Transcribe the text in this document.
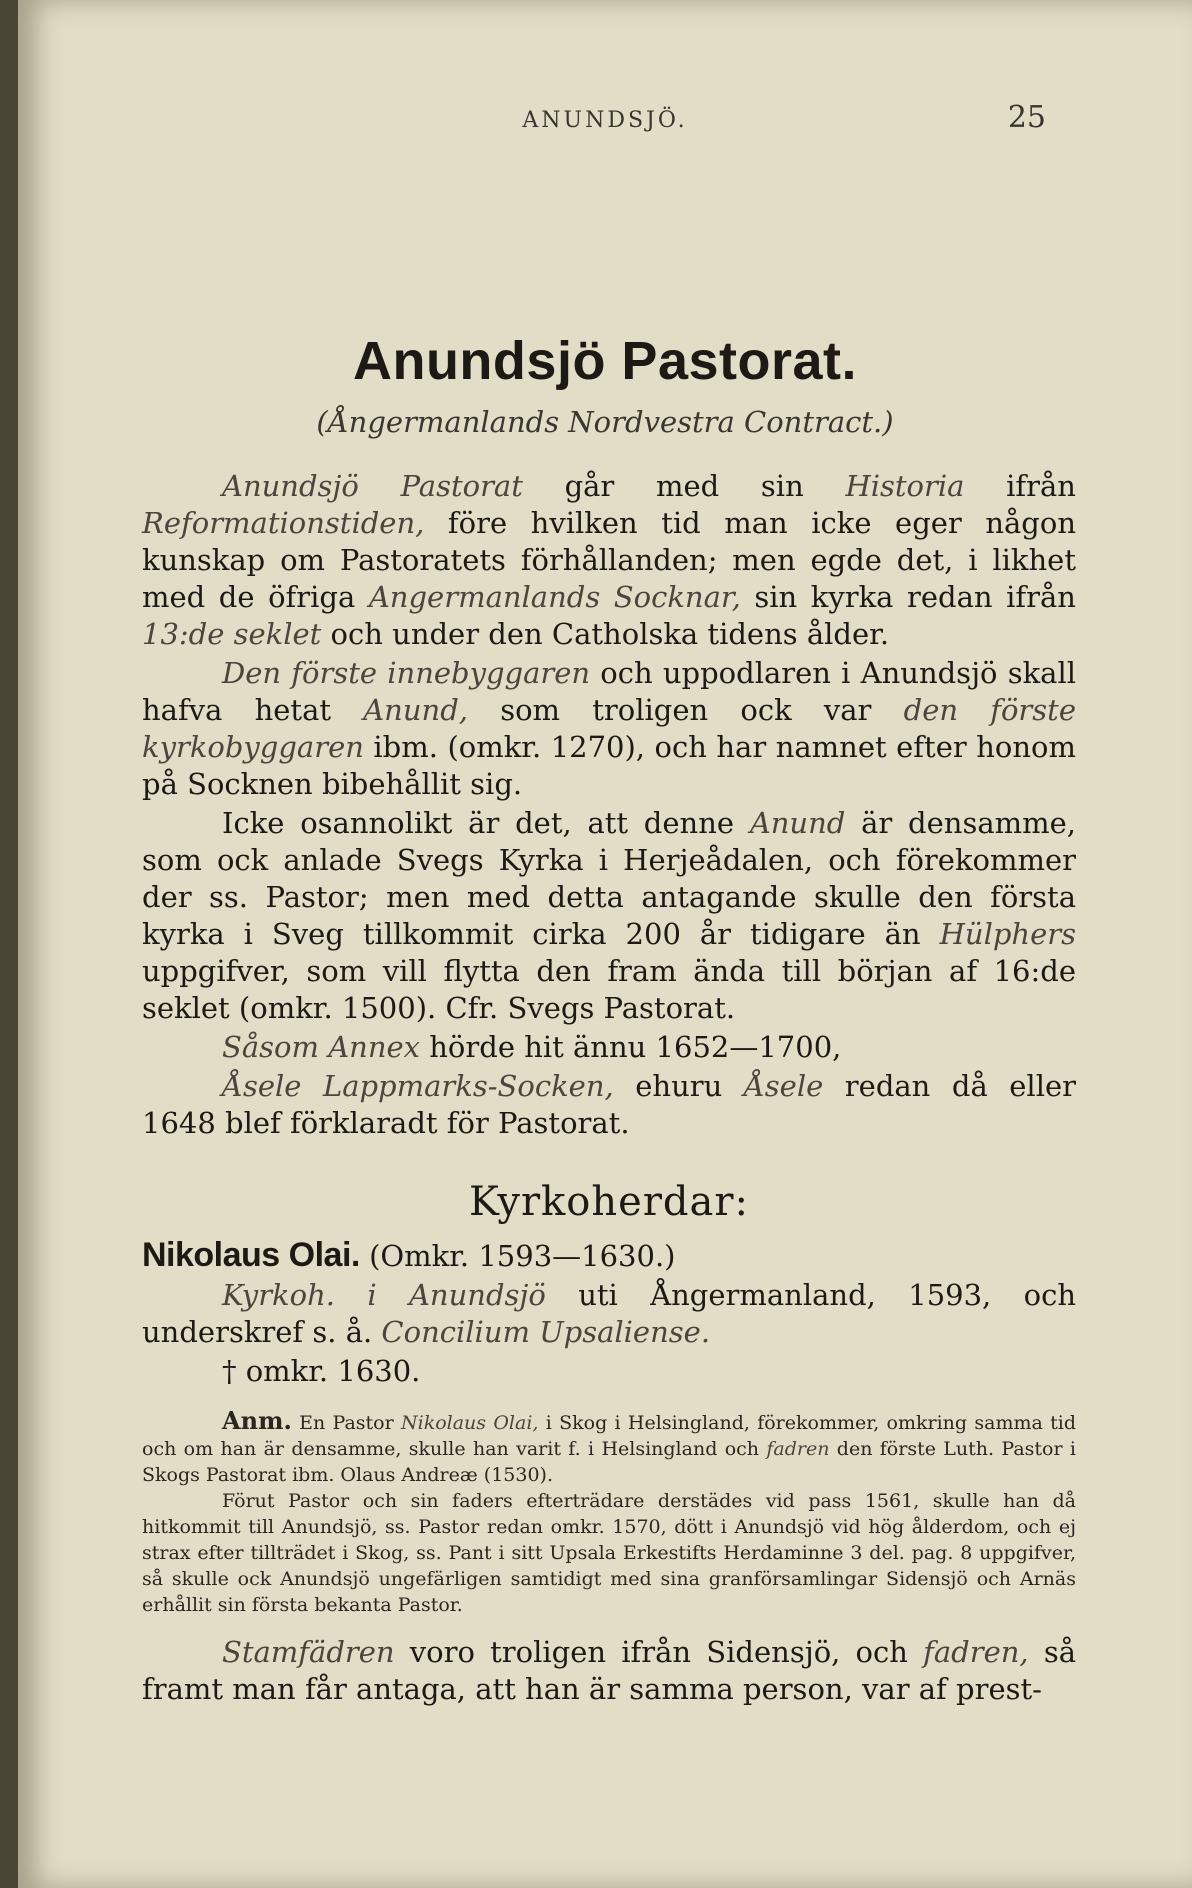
ANUNDSJÖ.	25
Anundsjö Pastorat.
(Ångermanlands Nordvestra Contract.)

Anundsjö Pastorat går med sin Historia ifrån Reformationstiden, före hvilken tid man icke eger någon kunskap om Pastoratets förhållanden; men egde det, i likhet med de öfriga Angermanlands Socknar, sin kyrka redan ifrån 13:de seklet och under den Catholska tidens ålder.

Den förste innebyggaren och uppodlaren i Anundsjö skall hafva hetat Anund, som troligen ock var den förste kyrkobyggaren ibm. (omkr. 1270), och har namnet efter honom på Socknen bibehållit sig.

Icke osannolikt är det, att denne Anund är densamme, som ock anlade Svegs Kyrka i Herjeådalen, och förekommer der ss. Pastor; men med detta antagande skulle den första kyrka i Sveg tillkommit cirka 200 år tidigare än Hülphers uppgifver, som vill flytta den fram ända till början af 16:de seklet (omkr. 1500). Cfr. Svegs Pastorat.

Såsom Annex hörde hit ännu 1652—1700,

Åsele Lappmarks-Socken, ehuru Åsele redan då eller 1648 blef förklaradt för Pastorat.

Kyrkoherdar:

Nikolaus Olai. (Omkr. 1593—1630.)

Kyrkoh. i Anundsjö uti Ångermanland, 1593, och underskref s. å. Concilium Upsaliense.

† omkr. 1630.

Anm. En Pastor Nikolaus Olai, i Skog i Helsingland, förekommer, omkring samma tid och om han är densamme, skulle han varit f. i Helsingland och fadren den förste Luth. Pastor i Skogs Pastorat ibm. Olaus Andreæ (1530).

Förut Pastor och sin faders efterträdare derstädes vid pass 1561, skulle han då hitkommit till Anundsjö, ss. Pastor redan omkr. 1570, dött i Anundsjö vid hög ålderdom, och ej strax efter tillträdet i Skog, ss. Pant i sitt Upsala Erkestifts Herdaminne 3 del. pag. 8 uppgifver, så skulle ock Anundsjö ungefärligen samtidigt med sina granförsamlingar Sidensjö och Arnäs erhållit sin första bekanta Pastor.

Stamfädren voro troligen ifrån Sidensjö, och fadren, så framt man får antaga, att han är samma person, var af prest-
